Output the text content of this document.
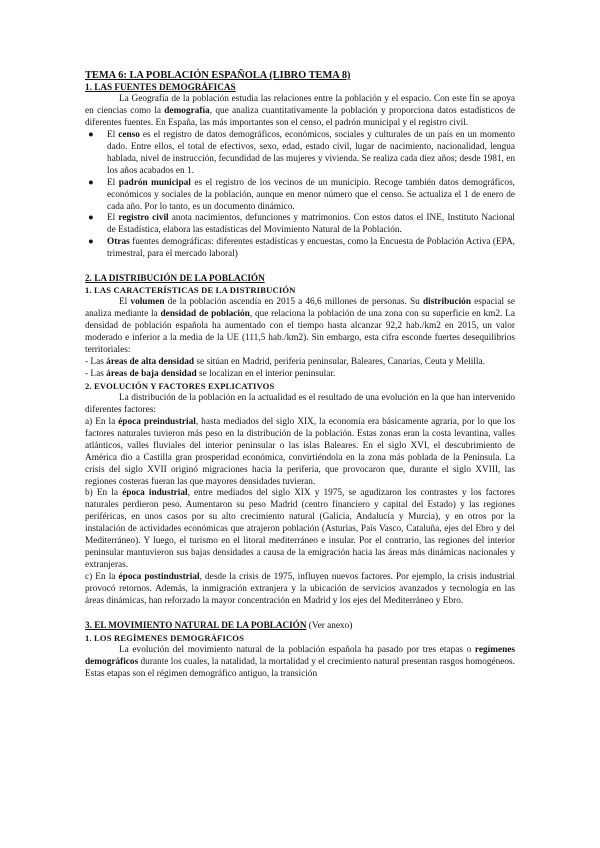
TEMA 6: LA POBLACIÓN ESPAÑOLA (LIBRO TEMA 8)

1. LAS FUENTES DEMOGRÁFICAS

La Geografía de la población estudia las relaciones entre la población y el espacio. Con este fin se apoya en ciencias como la demografía, que analiza cuantitativamente la población y proporciona datos estadísticos de diferentes fuentes. En España, las más importantes son el censo, el padrón municipal y el registro civil.

● El censo es el registro de datos demográficos, económicos, sociales y culturales de un país en un momento dado. Entre ellos, el total de efectivos, sexo, edad, estado civil, lugar de nacimiento, nacionalidad, lengua hablada, nivel de instrucción, fecundidad de las mujeres y vivienda. Se realiza cada diez años; desde 1981, en los años acabados en 1.
● El padrón municipal es el registro de los vecinos de un municipio. Recoge también datos demográficos, económicos y sociales de la población, aunque en menor número que el censo. Se actualiza el 1 de enero de cada año. Por lo tanto, es un documento dinámico.
● El registro civil anota nacimientos, defunciones y matrimonios. Con estos datos el INE, Instituto Nacional de Estadística, elabora las estadísticas del Movimiento Natural de la Población.
● Otras fuentes demográficas: diferentes estadísticas y encuestas, como la Encuesta de Población Activa (EPA, trimestral, para el mercado laboral)

2. LA DISTRIBUCIÓN DE LA POBLACIÓN

1. LAS CARACTERÍSTICAS DE LA DISTRIBUCIÓN

El volumen de la población ascendía en 2015 a 46,6 millones de personas. Su distribución espacial se analiza mediante la densidad de población, que relaciona la población de una zona con su superficie en km2. La densidad de población española ha aumentado con el tiempo hasta alcanzar 92,2 hab./km2 en 2015, un valor moderado e inferior a la media de la UE (111,5 hab./km2). Sin embargo, esta cifra esconde fuertes desequilibrios territoriales:

- Las áreas de alta densidad se sitúan en Madrid, periferia peninsular, Baleares, Canarias, Ceuta y Melilla.

- Las áreas de baja densidad se localizan en el interior peninsular.

2. EVOLUCIÓN Y FACTORES EXPLICATIVOS

La distribución de la población en la actualidad es el resultado de una evolución en la que han intervenido diferentes factores:

a) En la época preindustrial, hasta mediados del siglo XIX, la economía era básicamente agraria, por lo que los factores naturales tuvieron más peso en la distribución de la población. Estas zonas eran la costa levantina, valles atlánticos, valles fluviales del interior peninsular o las islas Baleares. En el siglo XVI, el descubrimiento de América dio a Castilla gran prosperidad económica, convirtiéndola en la zona más poblada de la Península. La crisis del siglo XVII originó migraciones hacia la periferia, que provocaron que, durante el siglo XVIII, las regiones costeras fueran las que mayores densidades tuvieran.

b) En la época industrial, entre mediados del siglo XIX y 1975, se agudizaron los contrastes y los factores naturales perdieron peso. Aumentaron su peso Madrid (centro financiero y capital del Estado) y las regiones periféricas, en unos casos por su alto crecimiento natural (Galicia, Andalucía y Murcia), y en otros por la instalación de actividades económicas que atrajeron población (Asturias, País Vasco, Cataluña, ejes del Ebro y del Mediterráneo). Y luego, el turismo en el litoral mediterráneo e insular. Por el contrario, las regiones del interior peninsular mantuvieron sus bajas densidades a causa de la emigración hacia las áreas más dinámicas nacionales y extranjeras.

c) En la época postindustrial, desde la crisis de 1975, influyen nuevos factores. Por ejemplo, la crisis industrial provocó retornos. Además, la inmigración extranjera y la ubicación de servicios avanzados y tecnología en las áreas dinámicas, han reforzado la mayor concentración en Madrid y los ejes del Mediterráneo y Ebro.

3. EL MOVIMIENTO NATURAL DE LA POBLACIÓN (Ver anexo)

1. LOS REGÍMENES DEMOGRÁFICOS

La evolución del movimiento natural de la población española ha pasado por tres etapas o regímenes demográficos durante los cuales, la natalidad, la mortalidad y el crecimiento natural presentan rasgos homogéneos. Estas etapas son el régimen demográfico antiguo, la transición
